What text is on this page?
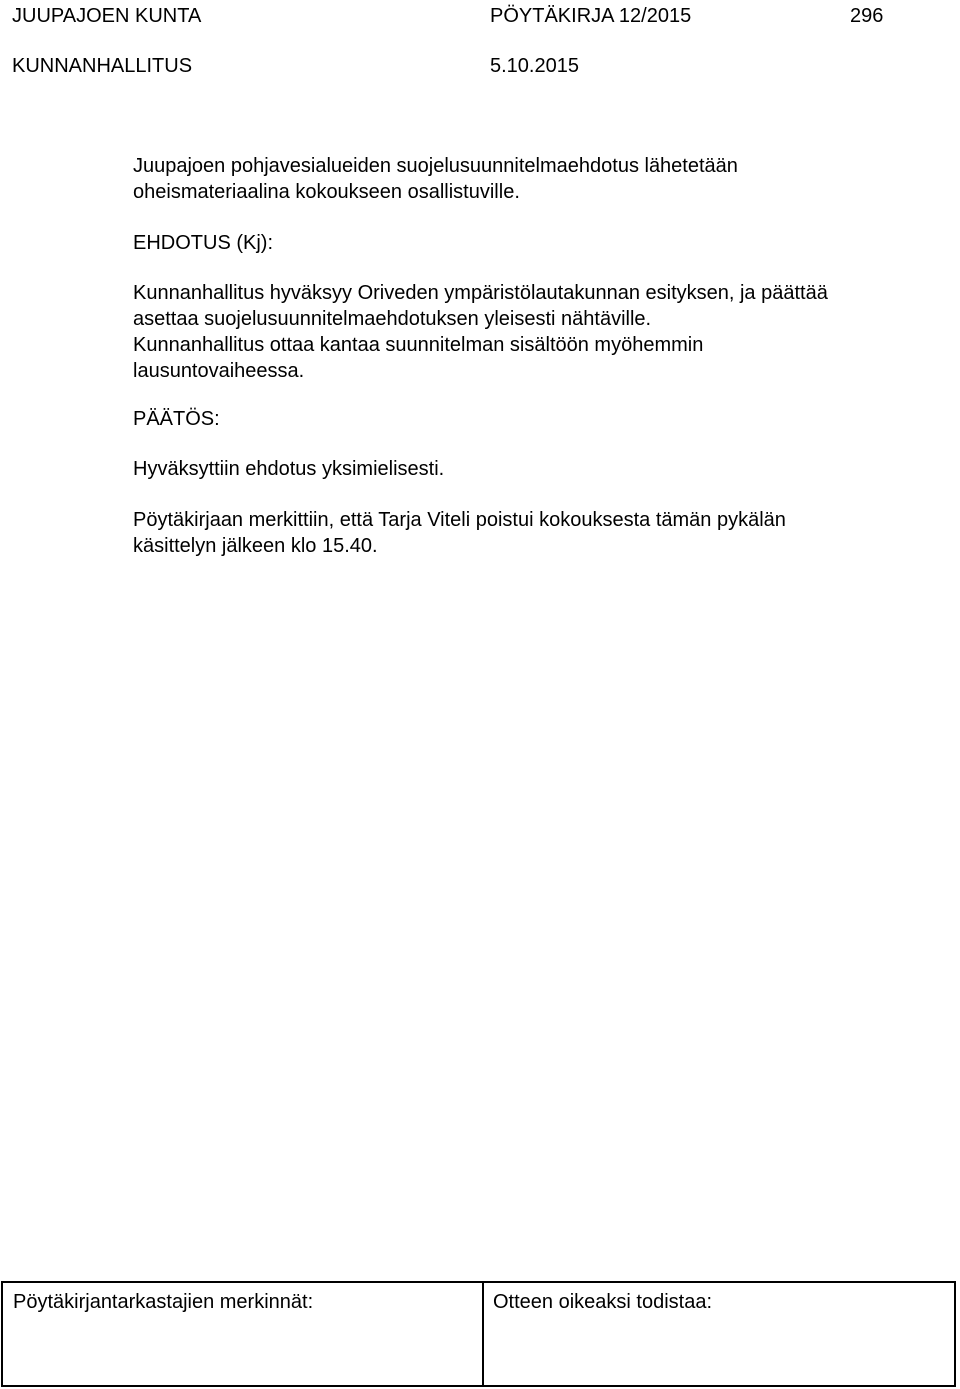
JUUPAJOEN KUNTA	PÖYTÄKIRJA 12/2015	296
KUNNANHALLITUS	5.10.2015
Juupajoen pohjavesialueiden suojelusuunnitelmaehdotus lähetetään
oheismateriaalina kokoukseen osallistuville.
EHDOTUS (Kj):
Kunnanhallitus hyväksyy Oriveden ympäristölautakunnan esityksen, ja päättää
asettaa suojelusuunnitelmaehdotuksen yleisesti nähtäville.
Kunnanhallitus ottaa kantaa suunnitelman sisältöön myöhemmin
lausuntovaiheessa.
PÄÄTÖS:
Hyväksyttiin ehdotus yksimielisesti.
Pöytäkirjaan merkittiin, että Tarja Viteli poistui kokouksesta tämän pykälän
käsittelyn jälkeen klo 15.40.
Pöytäkirjantarkastajien merkinnät:	Otteen oikeaksi todistaa:
